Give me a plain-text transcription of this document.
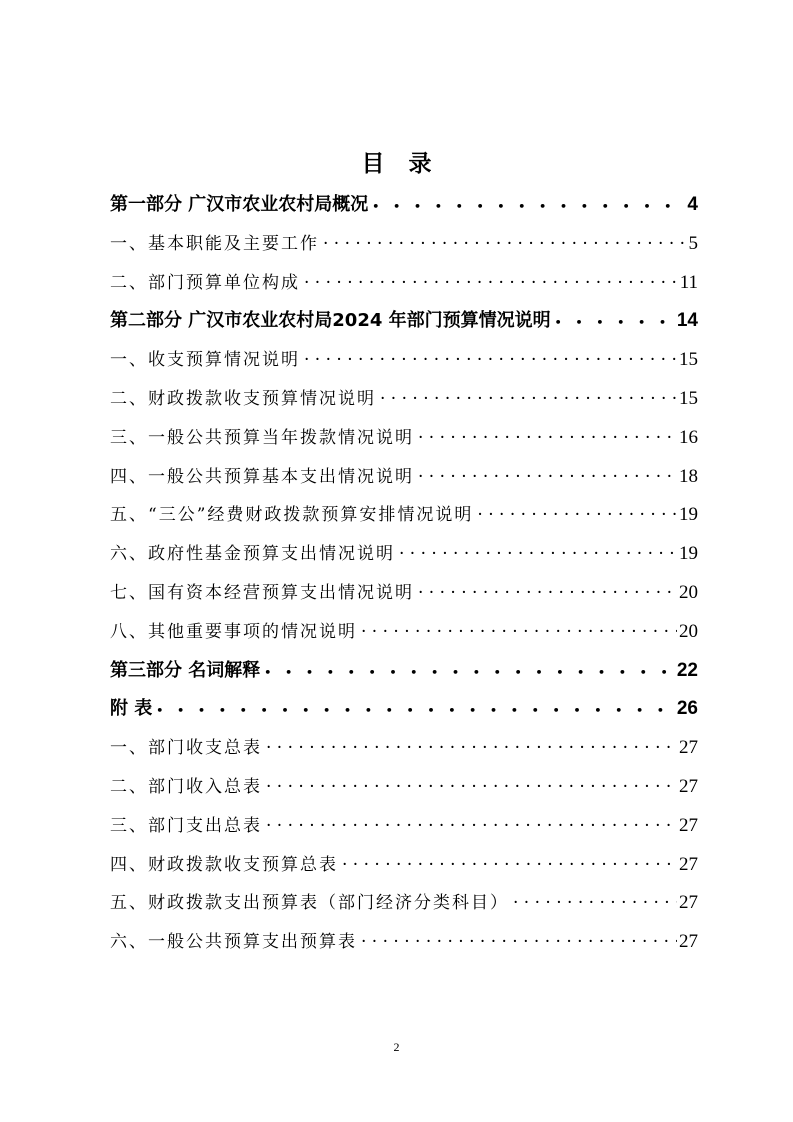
目录
第一部分 广汉市农业农村局概况 • • •	4
一、基本职能及主要工作 · · ·	5
二、部门预算单位构成 · · ·	11
第二部分 广汉市农业农村局2024 年部门预算情况说明 • • •	14
一、收支预算情况说明 · · ·	15
二、财政拨款收支预算情况说明 · · ·	15
三、一般公共预算当年拨款情况说明 · · ·	16
四、一般公共预算基本支出情况说明 · · ·	18
五、“三公”经费财政拨款预算安排情况说明 · · ·	19
六、政府性基金预算支出情况说明 · · ·	19
七、国有资本经营预算支出情况说明 · · ·	20
八、其他重要事项的情况说明 · · ·	20
第三部分 名词解释 • • •	22
附 表 • • •	26
一、部门收支总表 · · ·	27
二、部门收入总表 · · ·	27
三、部门支出总表 · · ·	27
四、财政拨款收支预算总表 · · ·	27
五、财政拨款支出预算表（部门经济分类科目） · · ·	27
六、一般公共预算支出预算表 · · ·	27
2
